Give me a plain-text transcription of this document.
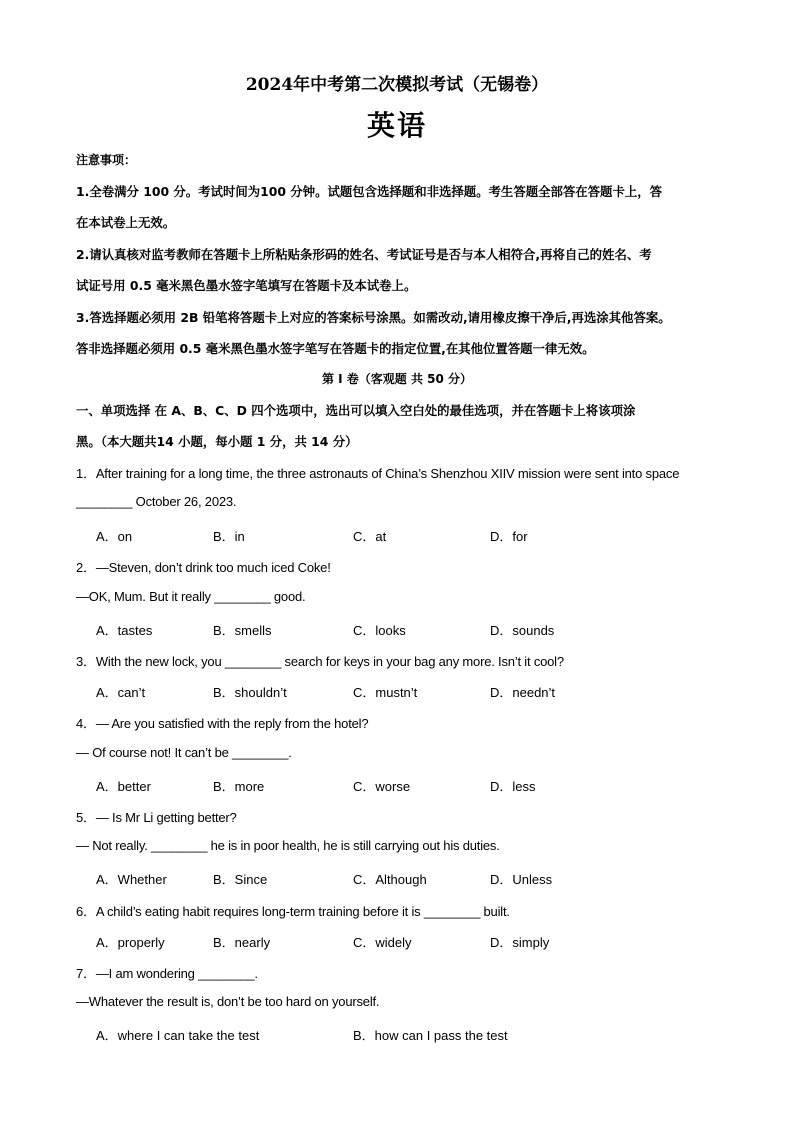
2024年中考第二次模拟考试（无锡卷）
英语
注意事项：
1.全卷满分 100 分。考试时间为100 分钟。试题包含选择题和非选择题。考生答题全部答在答题卡上，答
在本试卷上无效。
2.请认真核对监考教师在答题卡上所粘贴条形码的姓名、考试证号是否与本人相符合,再将自己的姓名、考
试证号用 0.5 毫米黑色墨水签字笔填写在答题卡及本试卷上。
3.答选择题必须用 2B 铅笔将答题卡上对应的答案标号涂黑。如需改动,请用橡皮擦干净后,再选涂其他答案。
答非选择题必须用 0.5 毫米黑色墨水签字笔写在答题卡的指定位置,在其他位置答题一律无效。
第 I 卷（客观题 共 50 分）
一、单项选择 在 A、B、C、D 四个选项中，选出可以填入空白处的最佳选项，并在答题卡上将该项涂
黑。（本大题共14 小题，每小题 1 分，共 14 分）
1．After training for a long time, the three astronauts of China’s Shenzhou XIIV mission were sent into space
________ October 26, 2023.
A．on	B．in	C．at	D．for
2．—Steven, don’t drink too much iced Coke!
—OK, Mum. But it really ________ good.
A．tastes	B．smells	C．looks	D．sounds
3．With the new lock, you ________ search for keys in your bag any more. Isn’t it cool?
A．can’t	B．shouldn’t	C．mustn’t	D．needn’t
4．— Are you satisfied with the reply from the hotel?
— Of course not! It can’t be ________.
A．better	B．more	C．worse	D．less
5．— Is Mr Li getting better?
— Not really. ________ he is in poor health, he is still carrying out his duties.
A．Whether	B．Since	C．Although	D．Unless
6．A child’s eating habit requires long-term training before it is ________ built.
A．properly	B．nearly	C．widely	D．simply
7．—I am wondering ________.
—Whatever the result is, don’t be too hard on yourself.
A．where I can take the test	B．how can I pass the test
